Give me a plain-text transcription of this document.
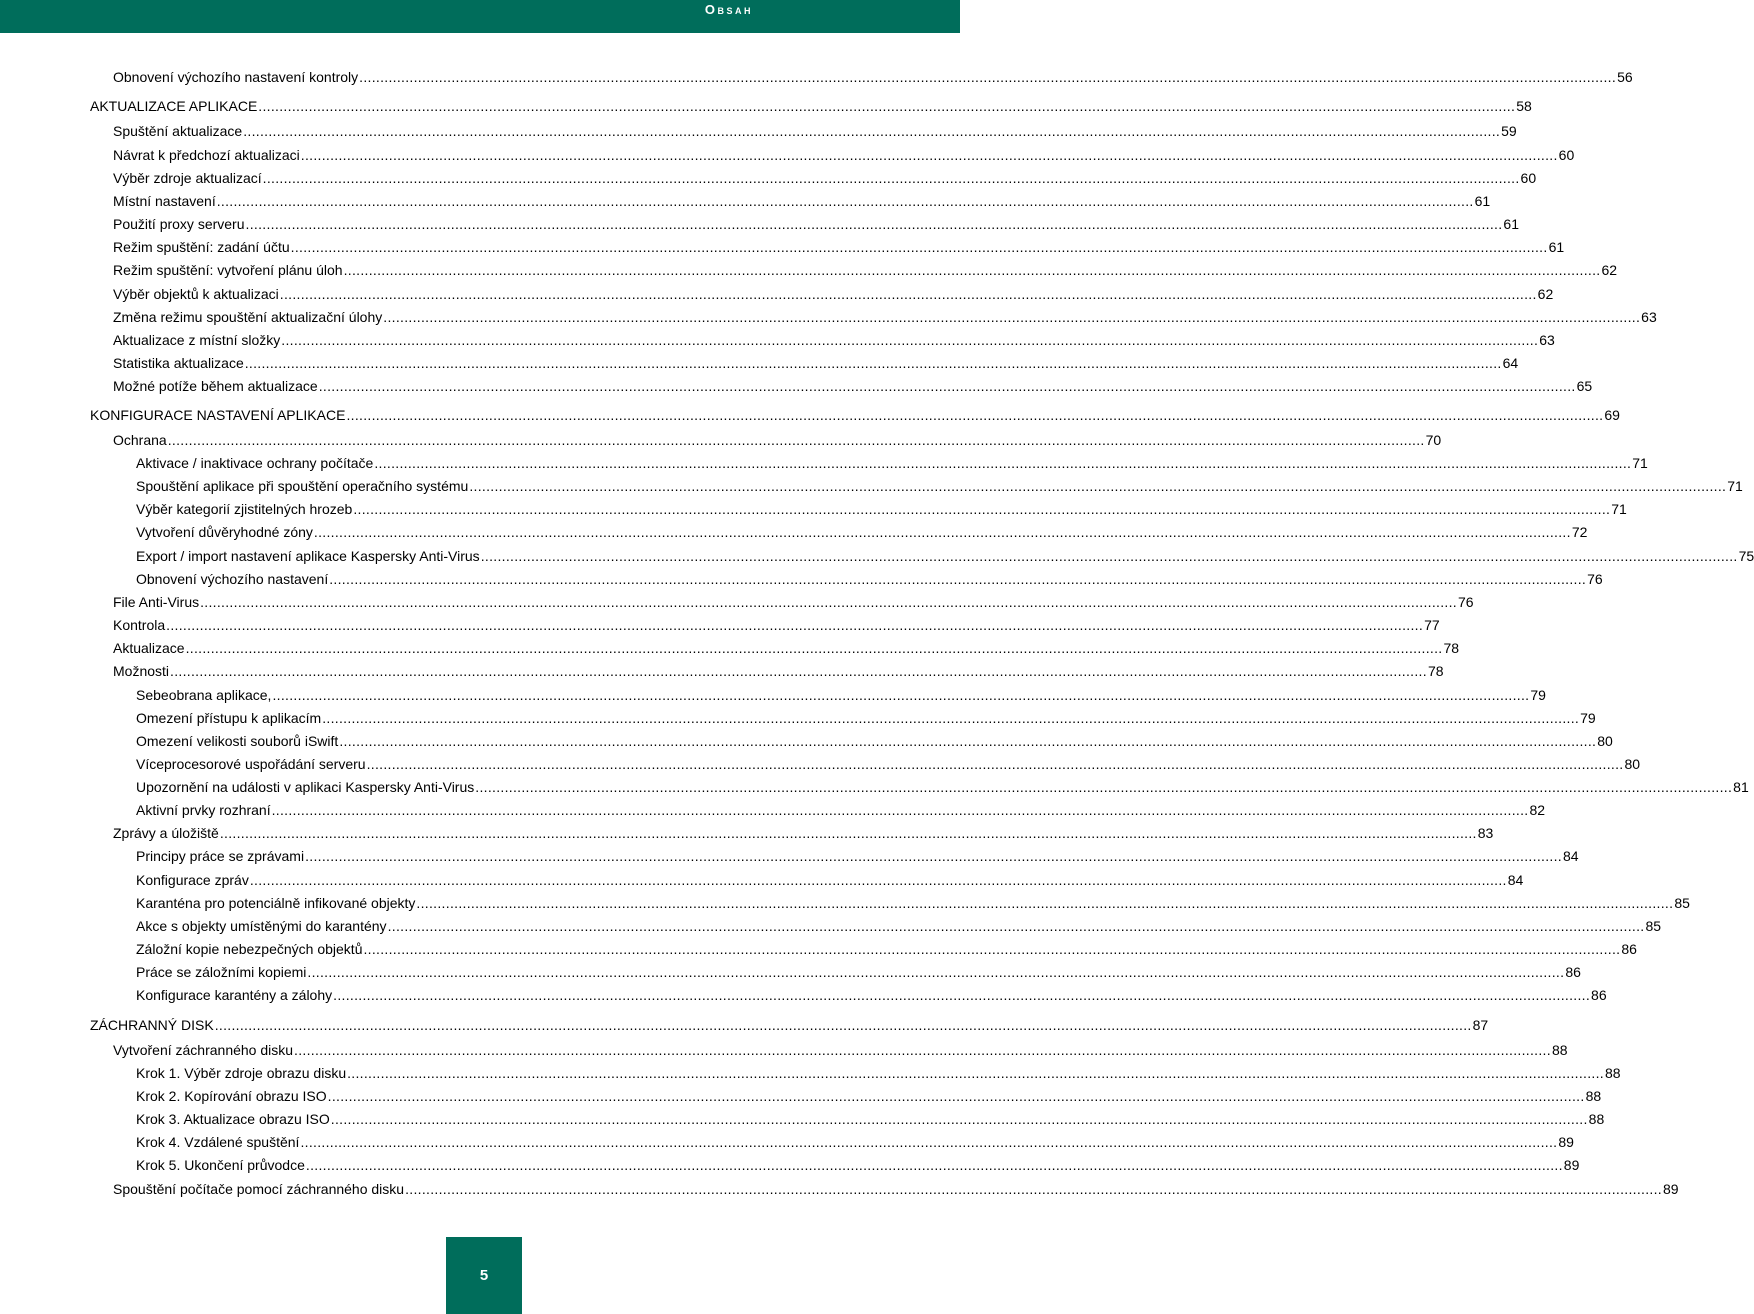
Obsah
Obnovení výchozího nastavení kontroly ............................................................................................................................................................................................................................................................................................................ 56
AKTUALIZACE APLIKACE ............................................................................................................................................................................................................................................................................................................ 58
Spuštění aktualizace ............................................................................................................................................................................................................................................................................................................ 59
Návrat k předchozí aktualizaci ............................................................................................................................................................................................................................................................................................................ 60
Výběr zdroje aktualizací ............................................................................................................................................................................................................................................................................................................ 60
Místní nastavení ............................................................................................................................................................................................................................................................................................................ 61
Použití proxy serveru ............................................................................................................................................................................................................................................................................................................ 61
Režim spuštění: zadání účtu ............................................................................................................................................................................................................................................................................................................ 61
Režim spuštění: vytvoření plánu úloh ............................................................................................................................................................................................................................................................................................................ 62
Výběr objektů k aktualizaci ............................................................................................................................................................................................................................................................................................................ 62
Změna režimu spouštění aktualizační úlohy ............................................................................................................................................................................................................................................................................................................ 63
Aktualizace z místní složky ............................................................................................................................................................................................................................................................................................................ 63
Statistika aktualizace ............................................................................................................................................................................................................................................................................................................ 64
Možné potíže během aktualizace ............................................................................................................................................................................................................................................................................................................ 65
KONFIGURACE NASTAVENÍ APLIKACE ............................................................................................................................................................................................................................................................................................................ 69
Ochrana ............................................................................................................................................................................................................................................................................................................ 70
Aktivace / inaktivace ochrany počítače ............................................................................................................................................................................................................................................................................................................ 71
Spouštění aplikace při spouštění operačního systému ............................................................................................................................................................................................................................................................................................................ 71
Výběr kategorií zjistitelných hrozeb ............................................................................................................................................................................................................................................................................................................ 71
Vytvoření důvěryhodné zóny ............................................................................................................................................................................................................................................................................................................ 72
Export / import nastavení aplikace Kaspersky Anti-Virus ............................................................................................................................................................................................................................................................................................................ 75
Obnovení výchozího nastavení ............................................................................................................................................................................................................................................................................................................ 76
File Anti-Virus ............................................................................................................................................................................................................................................................................................................ 76
Kontrola ............................................................................................................................................................................................................................................................................................................ 77
Aktualizace ............................................................................................................................................................................................................................................................................................................ 78
Možnosti ............................................................................................................................................................................................................................................................................................................ 78
Sebeobrana aplikace, ............................................................................................................................................................................................................................................................................................................ 79
Omezení přístupu k aplikacím ............................................................................................................................................................................................................................................................................................................ 79
Omezení velikosti souborů iSwift ............................................................................................................................................................................................................................................................................................................ 80
Víceprocesorové uspořádání serveru ............................................................................................................................................................................................................................................................................................................ 80
Upozornění na události v aplikaci Kaspersky Anti-Virus ............................................................................................................................................................................................................................................................................................................ 81
Aktivní prvky rozhraní ............................................................................................................................................................................................................................................................................................................ 82
Zprávy a úložiště ............................................................................................................................................................................................................................................................................................................ 83
Principy práce se zprávami ............................................................................................................................................................................................................................................................................................................ 84
Konfigurace zpráv ............................................................................................................................................................................................................................................................................................................ 84
Karanténa pro potenciálně infikované objekty ............................................................................................................................................................................................................................................................................................................ 85
Akce s objekty umístěnými do karantény ............................................................................................................................................................................................................................................................................................................ 85
Záložní kopie nebezpečných objektů ............................................................................................................................................................................................................................................................................................................ 86
Práce se záložními kopiemi ............................................................................................................................................................................................................................................................................................................ 86
Konfigurace karantény a zálohy ............................................................................................................................................................................................................................................................................................................ 86
ZÁCHRANNÝ DISK ............................................................................................................................................................................................................................................................................................................ 87
Vytvoření záchranného disku ............................................................................................................................................................................................................................................................................................................ 88
Krok 1. Výběr zdroje obrazu disku ............................................................................................................................................................................................................................................................................................................ 88
Krok 2. Kopírování obrazu ISO ............................................................................................................................................................................................................................................................................................................ 88
Krok 3. Aktualizace obrazu ISO ............................................................................................................................................................................................................................................................................................................ 88
Krok 4. Vzdálené spuštění ............................................................................................................................................................................................................................................................................................................ 89
Krok 5. Ukončení průvodce ............................................................................................................................................................................................................................................................................................................ 89
Spouštění počítače pomocí záchranného disku ............................................................................................................................................................................................................................................................................................................ 89
5
